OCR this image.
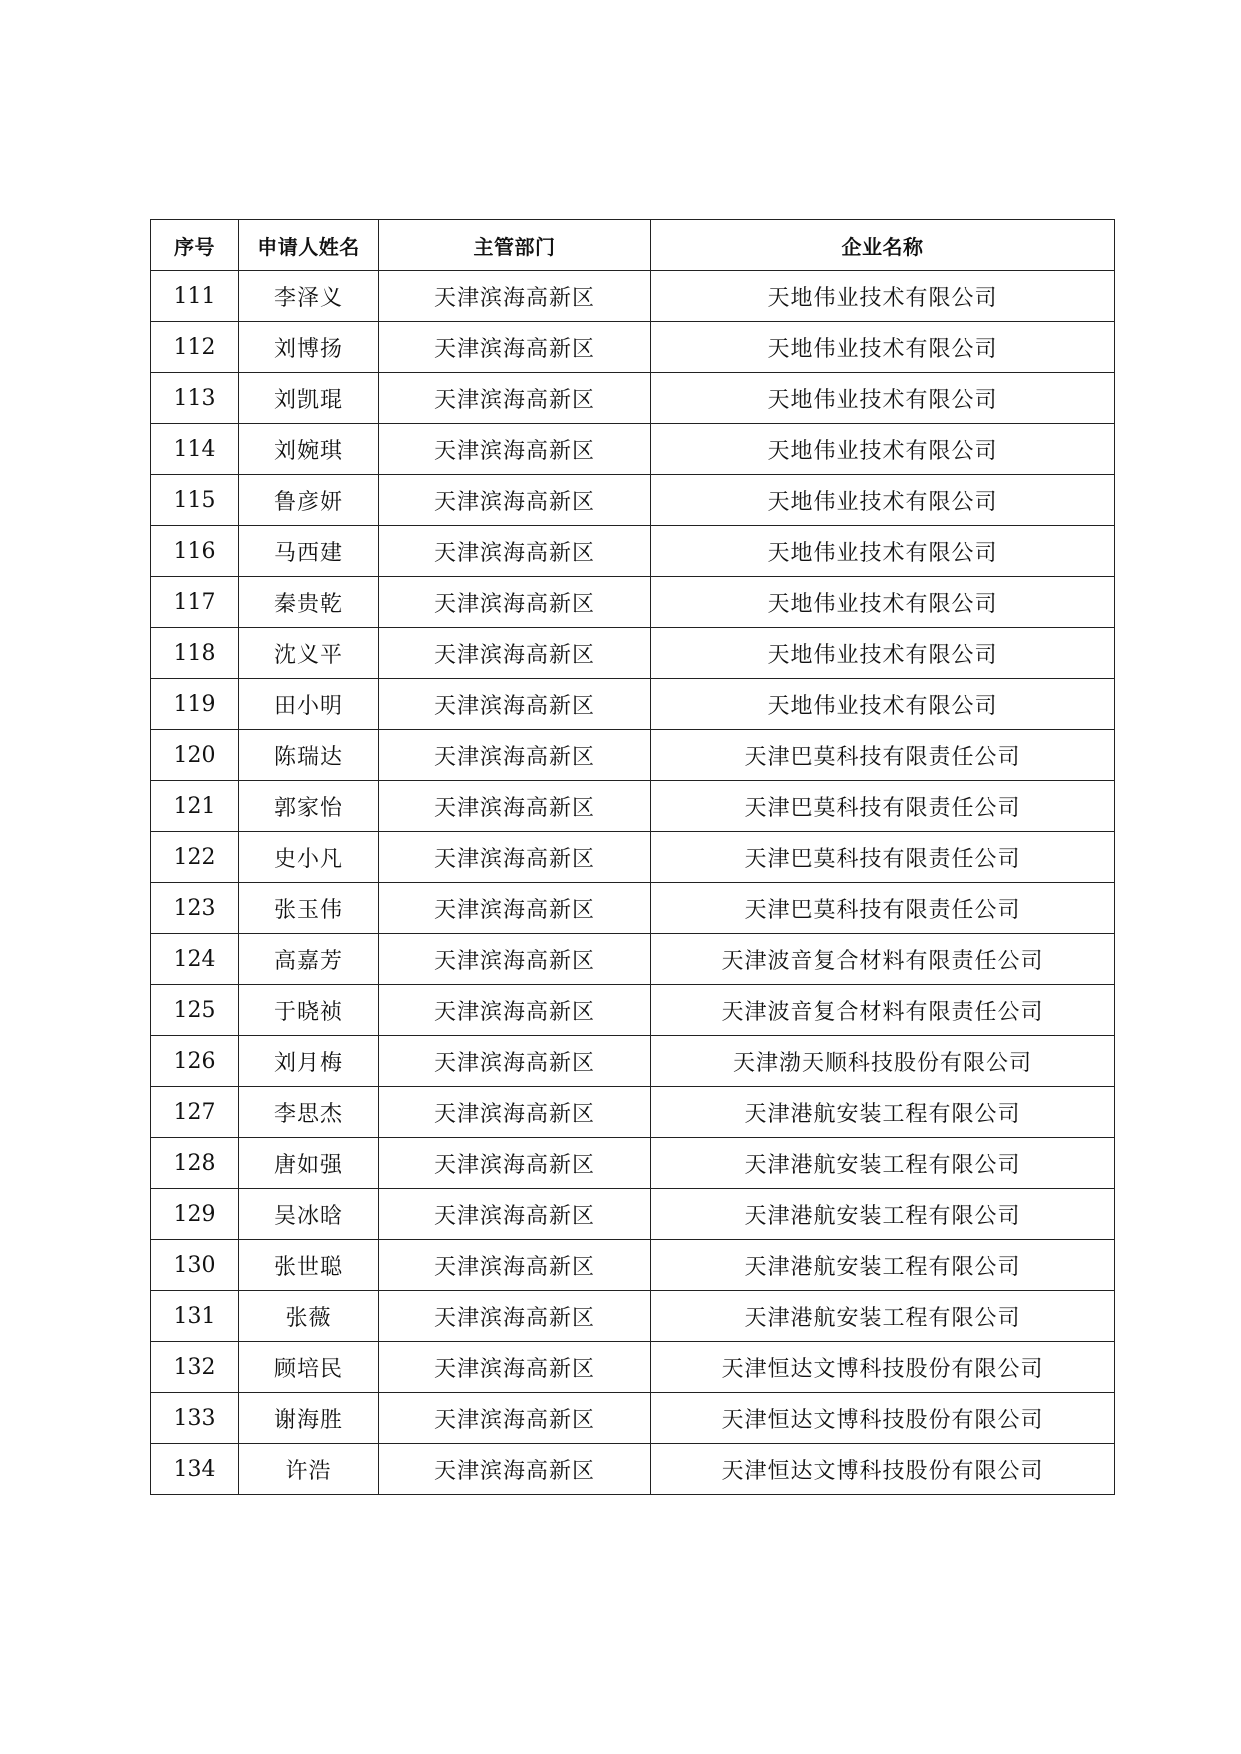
序号	申请人姓名	主管部门	企业名称
111	李泽义	天津滨海高新区	天地伟业技术有限公司
112	刘博扬	天津滨海高新区	天地伟业技术有限公司
113	刘凯琨	天津滨海高新区	天地伟业技术有限公司
114	刘婉琪	天津滨海高新区	天地伟业技术有限公司
115	鲁彦妍	天津滨海高新区	天地伟业技术有限公司
116	马西建	天津滨海高新区	天地伟业技术有限公司
117	秦贵乾	天津滨海高新区	天地伟业技术有限公司
118	沈义平	天津滨海高新区	天地伟业技术有限公司
119	田小明	天津滨海高新区	天地伟业技术有限公司
120	陈瑞达	天津滨海高新区	天津巴莫科技有限责任公司
121	郭家怡	天津滨海高新区	天津巴莫科技有限责任公司
122	史小凡	天津滨海高新区	天津巴莫科技有限责任公司
123	张玉伟	天津滨海高新区	天津巴莫科技有限责任公司
124	高嘉芳	天津滨海高新区	天津波音复合材料有限责任公司
125	于晓祯	天津滨海高新区	天津波音复合材料有限责任公司
126	刘月梅	天津滨海高新区	天津渤天顺科技股份有限公司
127	李思杰	天津滨海高新区	天津港航安装工程有限公司
128	唐如强	天津滨海高新区	天津港航安装工程有限公司
129	吴冰晗	天津滨海高新区	天津港航安装工程有限公司
130	张世聪	天津滨海高新区	天津港航安装工程有限公司
131	张薇	天津滨海高新区	天津港航安装工程有限公司
132	顾培民	天津滨海高新区	天津恒达文博科技股份有限公司
133	谢海胜	天津滨海高新区	天津恒达文博科技股份有限公司
134	许浩	天津滨海高新区	天津恒达文博科技股份有限公司
